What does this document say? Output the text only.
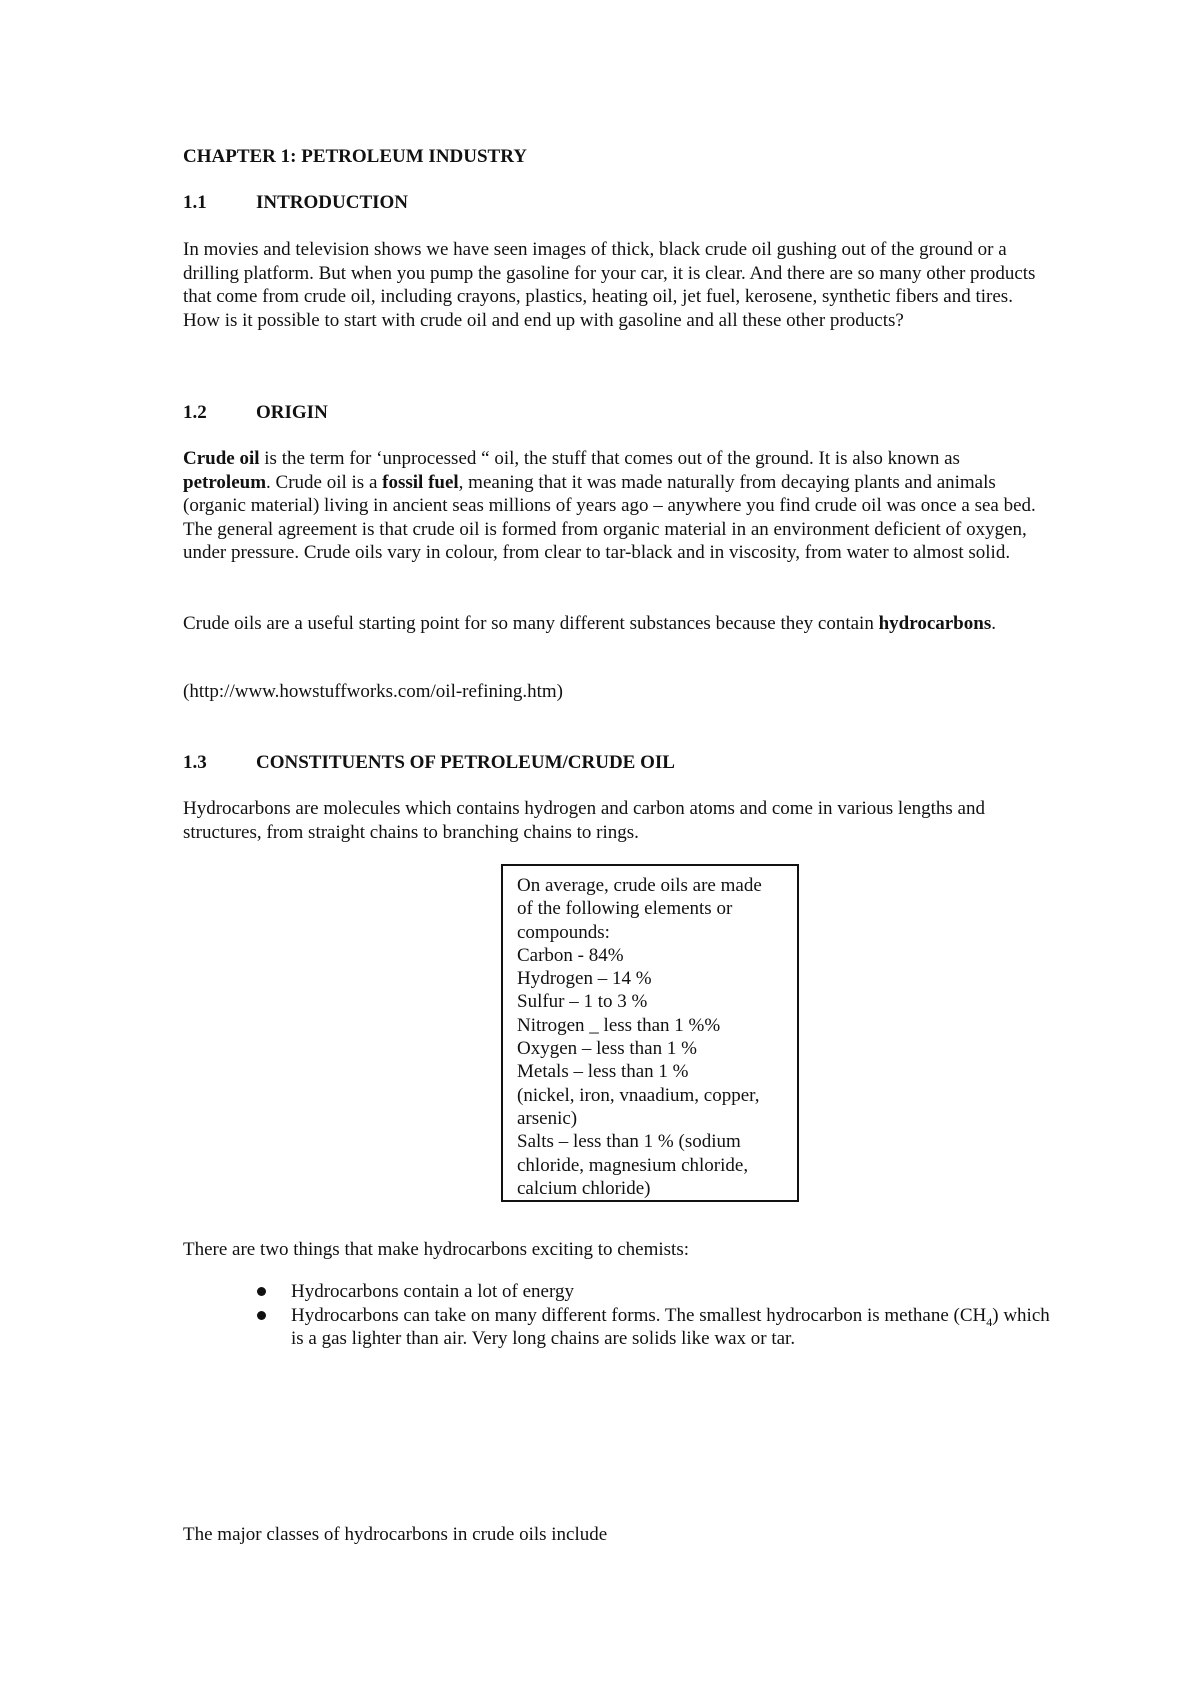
CHAPTER 1: PETROLEUM INDUSTRY
1.1	INTRODUCTION

In movies and television shows we have seen images of thick, black crude oil gushing out of the ground or a drilling platform. But when you pump the gasoline for your car, it is clear. And there are so many other products that come from crude oil, including crayons, plastics, heating oil, jet fuel, kerosene, synthetic fibers and tires. How is it possible to start with crude oil and end up with gasoline and all these other products?

1.2	ORIGIN

Crude oil is the term for ‘unprocessed “ oil, the stuff that comes out of the ground. It is also known as petroleum. Crude oil is a fossil fuel, meaning that it was made naturally from decaying plants and animals (organic material) living in ancient seas millions of years ago – anywhere you find crude oil was once a sea bed. The general agreement is that crude oil is formed from organic material in an environment deficient of oxygen, under pressure. Crude oils vary in colour, from clear to tar-black and in viscosity, from water to almost solid.

Crude oils are a useful starting point for so many different substances because they contain hydrocarbons.

(http://www.howstuffworks.com/oil-refining.htm)

1.3	CONSTITUENTS OF PETROLEUM/CRUDE OIL

Hydrocarbons are molecules which contains hydrogen and carbon atoms and come in various lengths and structures, from straight chains to branching chains to rings.

On average, crude oils are made
of the following elements or
compounds:
Carbon - 84%
Hydrogen – 14 %
Sulfur – 1 to 3 %
Nitrogen _ less than 1 %%
Oxygen – less than 1 %
Metals – less than 1 %
(nickel, iron, vnaadium, copper,
arsenic)
Salts – less than 1 % (sodium
chloride, magnesium chloride,
calcium chloride)

There are two things that make hydrocarbons exciting to chemists:

Hydrocarbons contain a lot of energy
Hydrocarbons can take on many different forms. The smallest hydrocarbon is methane $(CH_4)$ which is a gas lighter than air. Very long chains are solids like wax or tar.

The major classes of hydrocarbons in crude oils include
